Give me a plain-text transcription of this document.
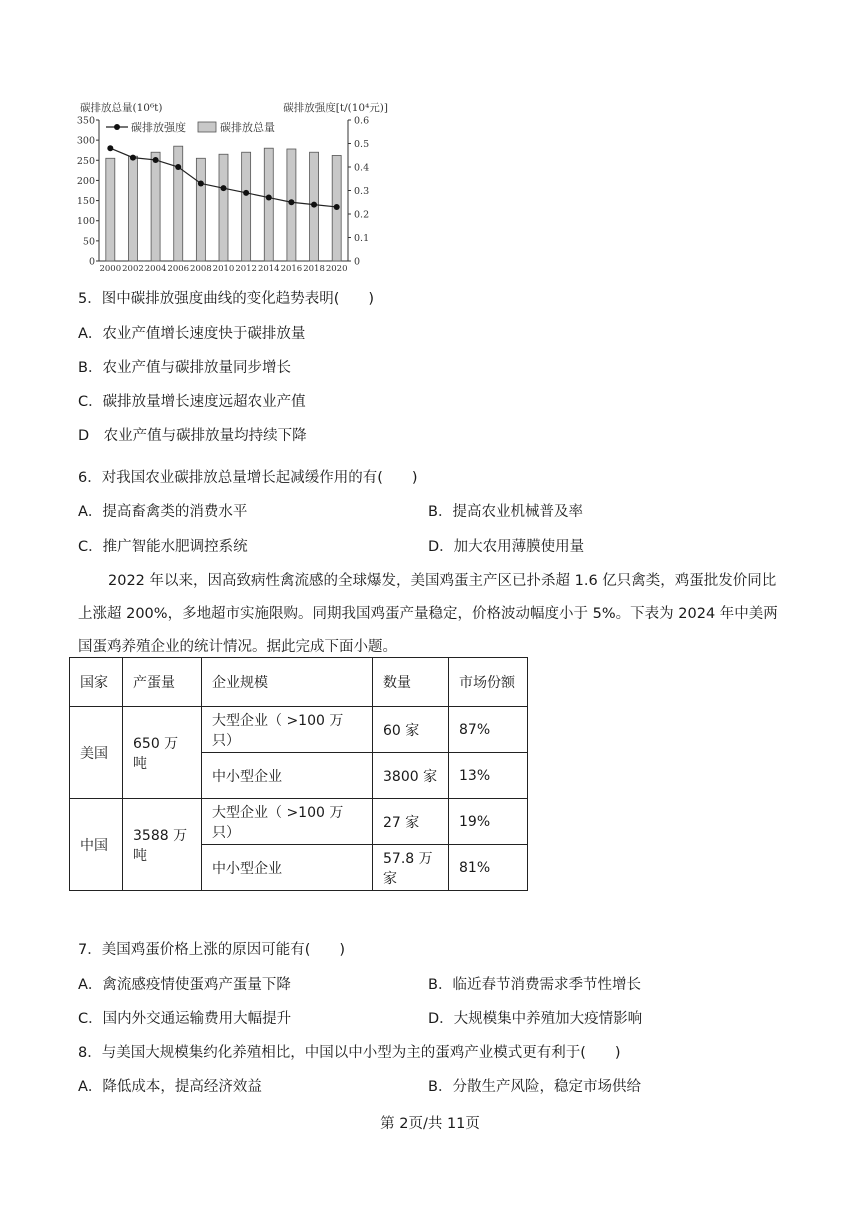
碳排放总量(10⁶t)	碳排放强度[t/(10⁴元)]
0
50
100
150
200
250
300
350
0
0.1
0.2
0.3
0.4
0.5
0.6
2000 2002 2004 2006 2008 2010 2012 2014 2016 2018 2020
碳排放强度	碳排放总量
5．图中碳排放强度曲线的变化趋势表明(　　)
A．农业产值增长速度快于碳排放量
B．农业产值与碳排放量同步增长
C．碳排放量增长速度远超农业产值
D　农业产值与碳排放量均持续下降
6．对我国农业碳排放总量增长起减缓作用的有(　　)
A．提高畜禽类的消费水平	B．提高农业机械普及率
C．推广智能水肥调控系统	D．加大农用薄膜使用量
2022 年以来，因高致病性禽流感的全球爆发，美国鸡蛋主产区已扑杀超 1.6 亿只禽类，鸡蛋批发价同比上涨超 200%，多地超市实施限购。同期我国鸡蛋产量稳定，价格波动幅度小于 5%。下表为 2024 年中美两国蛋鸡养殖企业的统计情况。据此完成下面小题。
国家	产蛋量	企业规模	数量	市场份额
美国	650 万吨	大型企业（ >100 万只）	60 家	87%
		中小型企业	3800 家	13%
中国	3588 万吨	大型企业（ >100 万只）	27 家	19%
		中小型企业	57.8 万家	81%
7．美国鸡蛋价格上涨的原因可能有(　　)
A．禽流感疫情使蛋鸡产蛋量下降	B．临近春节消费需求季节性增长
C．国内外交通运输费用大幅提升	D．大规模集中养殖加大疫情影响
8．与美国大规模集约化养殖相比，中国以中小型为主的蛋鸡产业模式更有利于(　　)
A．降低成本，提高经济效益	B．分散生产风险，稳定市场供给
第 2页/共 11页
